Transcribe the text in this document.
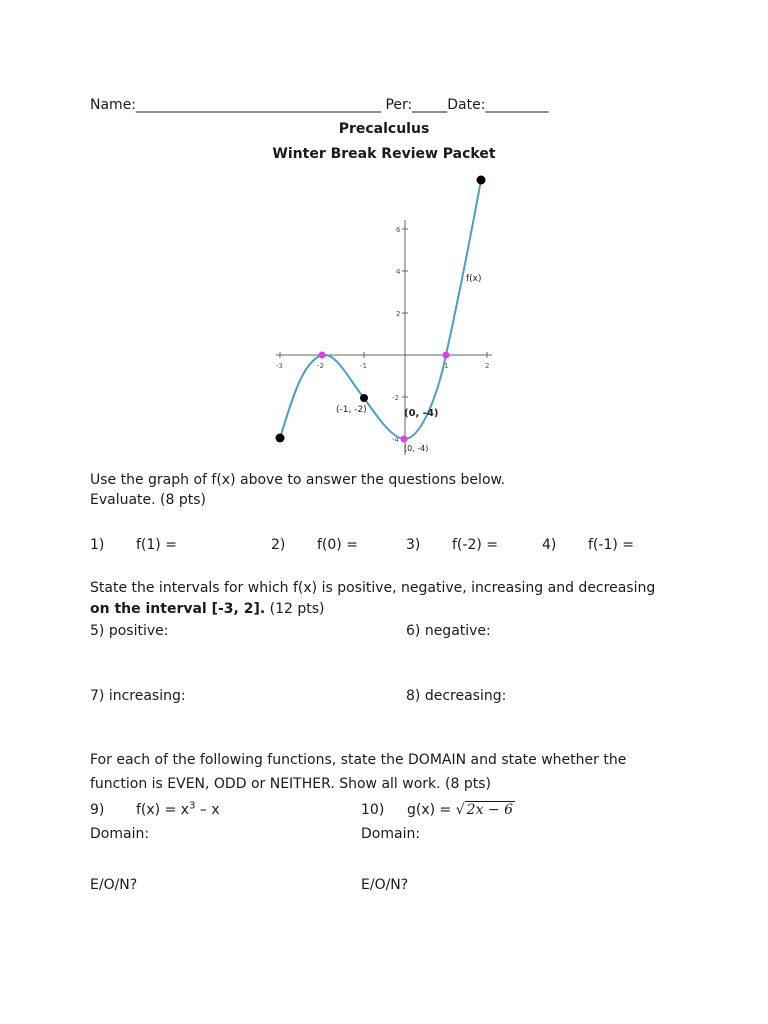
Name:___________________________________ Per:_____Date:_________
Precalculus
Winter Break Review Packet
-3	-2	-1	1	2
6
4
2
-2
-4
f(x)
(-1, -2)	(0, -4)
(0, -4)
Use the graph of f(x) above to answer the questions below.
Evaluate. (8 pts)
1) f(1) =	2) f(0) =	3) f(-2) =	4) f(-1) =
State the intervals for which f(x) is positive, negative, increasing and decreasing
on the interval [-3, 2]. (12 pts)
5) positive:	6) negative:
7) increasing:	8) decreasing:
For each of the following functions, state the DOMAIN and state whether the
function is EVEN, ODD or NEITHER. Show all work. (8 pts)
9) $f(x) = x^3 - x$	10) g(x) = √ 2x − 6
Domain:	Domain:
E/O/N?	E/O/N?
